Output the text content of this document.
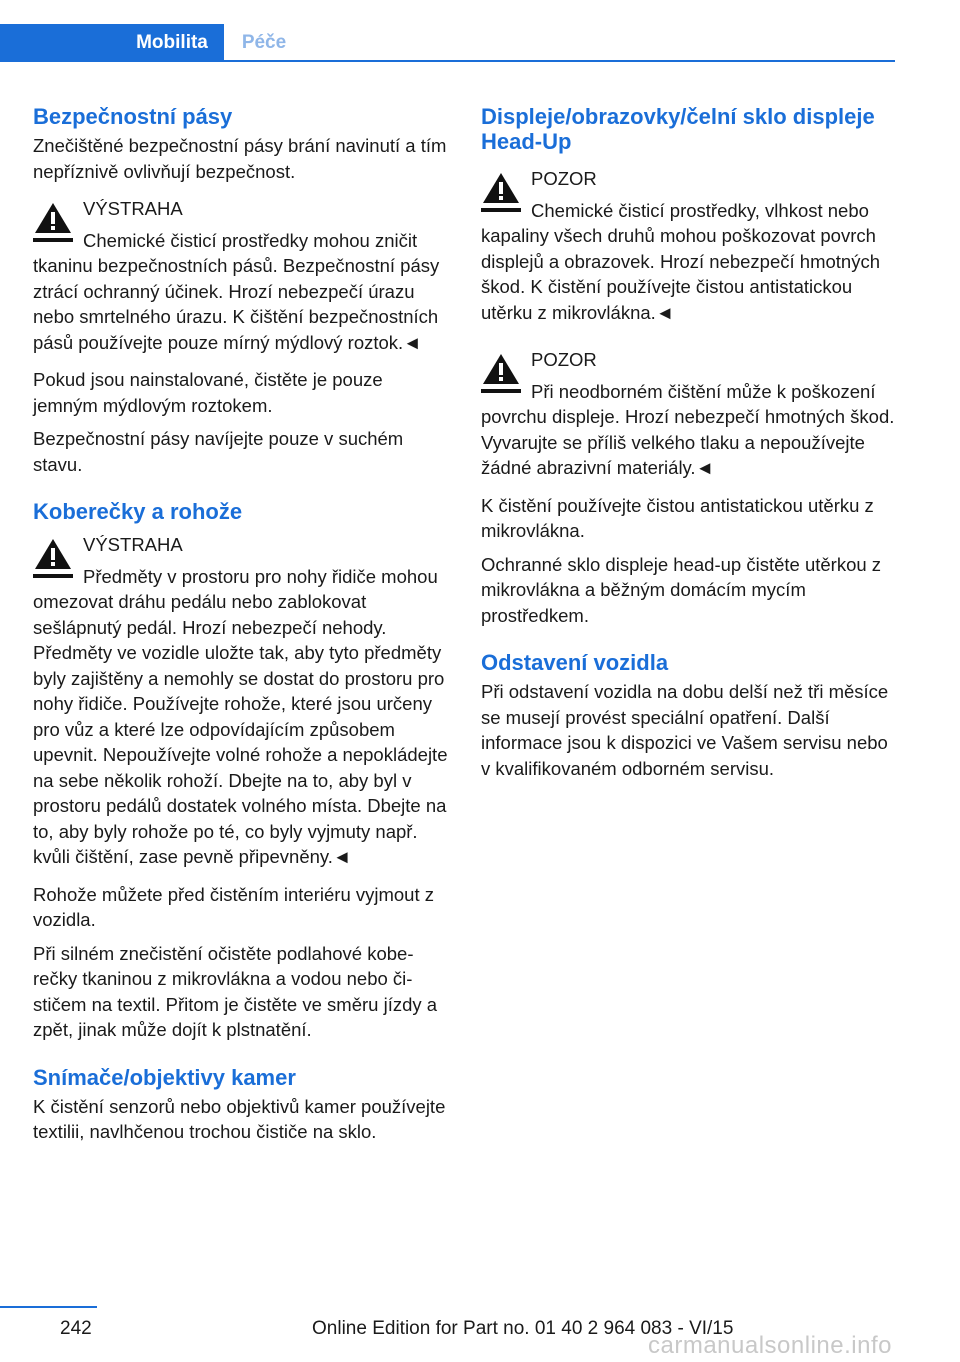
Mobilita	Péče
Bezpečnostní pásy

Znečištěné bezpečnostní pásy brání navinutí a tím nepříznivě ovlivňují bezpečnost.

VÝSTRAHA
Chemické čisticí prostředky mohou zničit tkaninu bezpečnostních pásů. Bezpečnostní pásy ztrácí ochranný účinek. Hrozí nebezpečí úrazu nebo smrtelného úrazu. K čištění bezpečnostních pásů používejte pouze mírný mýdlový roztok.◄

Pokud jsou nainstalované, čistěte je pouze jemným mýdlovým roztokem.

Bezpečnostní pásy navíjejte pouze v suchém stavu.

Koberečky a rohože
VÝSTRAHA
Předměty v prostoru pro nohy řidiče mohou omezovat dráhu pedálu nebo zablokovat sešlápnutý pedál. Hrozí nebezpečí nehody. Předměty ve vozidle uložte tak, aby tyto předměty byly zajištěny a nemohly se dostat do prostoru pro nohy řidiče. Používejte rohože, které jsou určeny pro vůz a které lze odpovídajícím způsobem upevnit. Nepoužívejte volné rohože a nepokládejte na sebe několik rohoží. Dbejte na to, aby byl v prostoru pedálů dostatek volného místa. Dbejte na to, aby byly rohože po té, co byly vyjmuty např. kvůli čištění, zase pevně připevněny.◄

Rohože můžete před čistěním interiéru vyjmout z vozidla.

Při silném znečistění očistěte podlahové koberečky tkaninou z mikrovlákna a vodou nebo čističem na textil. Přitom je čistěte ve směru jízdy a zpět, jinak může dojít k plstnatění.

Snímače/objektivy kamer

K čistění senzorů nebo objektivů kamer používejte textilii, navlhčenou trochou čističe na sklo.

Displeje/obrazovky/čelní sklo displeje Head-Up
POZOR
Chemické čisticí prostředky, vlhkost nebo kapaliny všech druhů mohou poškozovat povrch displejů a obrazovek. Hrozí nebezpečí hmotných škod. K čistění používejte čistou antistatickou utěrku z mikrovlákna.◄
POZOR
Při neodborném čištění může k poškození povrchu displeje. Hrozí nebezpečí hmotných škod. Vyvarujte se příliš velkého tlaku a nepoužívejte žádné abrazivní materiály.◄

K čistění používejte čistou antistatickou utěrku z mikrovlákna.

Ochranné sklo displeje head-up čistěte utěrkou z mikrovlákna a běžným domácím mycím prostředkem.

Odstavení vozidla

Při odstavení vozidla na dobu delší než tři měsíce se musejí provést speciální opatření. Další informace jsou k dispozici ve Vašem servisu nebo v kvalifikovaném odborném servisu.

242	Online Edition for Part no. 01 40 2 964 083 - VI/15
carmanualsonline.info
